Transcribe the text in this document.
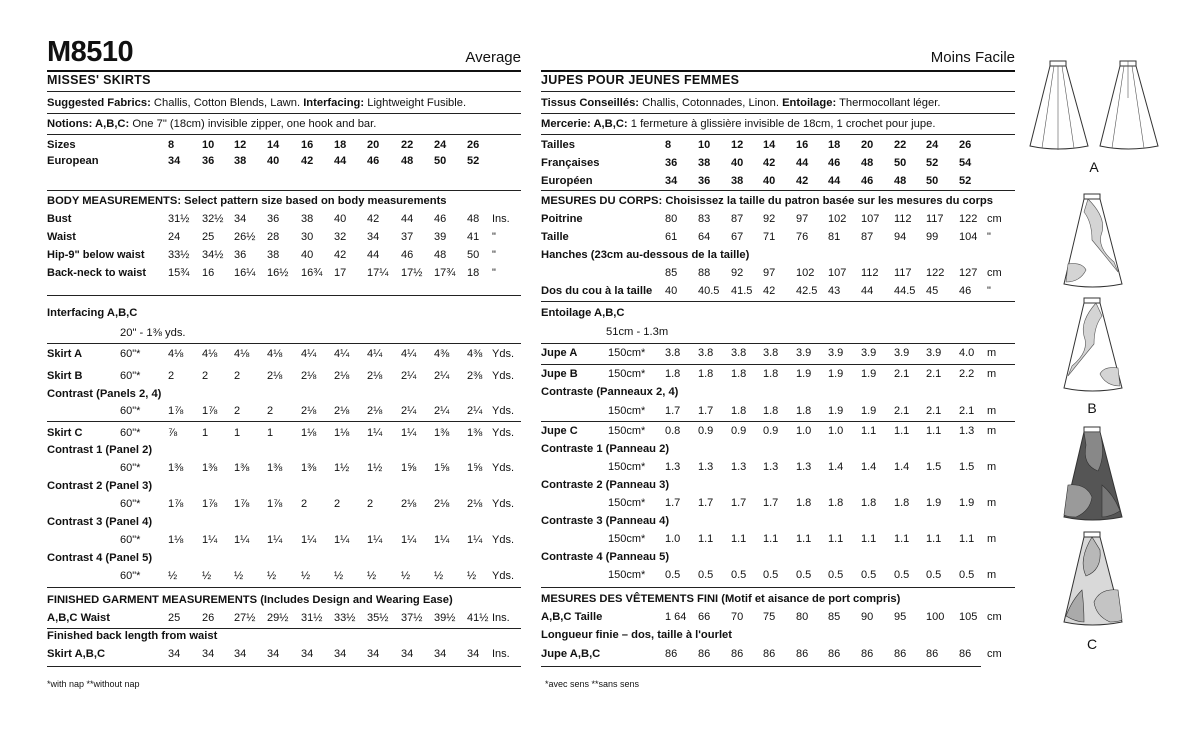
M8510	Average
MISSES' SKIRTS
Suggested Fabrics: Challis, Cotton Blends, Lawn. Interfacing: Lightweight Fusible.
Notions: A,B,C: One 7" (18cm) invisible zipper, one hook and bar.
Sizes	8	10 12 14 16 18 20 22 24 26
European	34 36 38 40 42 44 46 48 50 52
BODY MEASUREMENTS: Select pattern size based on body measurements
Bust	31½ 32½ 34 36 38 40 42 44 46 48 Ins.
Waist	24 25 26½ 28 30 32 34 37 39 41 "
Hip-9" below waist 33½ 34½ 36 38 40 42 44 46 48 50 "
Back-neck to waist 15¾ 16 16¼ 16½ 16¾ 17 17¼ 17½ 17¾ 18 "
Interfacing A,B,C
20" - 1⅜ yds.
Skirt A	60"*	4⅛ 4⅛ 4⅛ 4⅛ 4¼ 4¼ 4¼ 4¼ 4⅜ 4⅜ Yds.
Skirt B	60"*	2	2 2 2⅛ 2⅛ 2⅛ 2⅛ 2¼ 2¼ 2⅜ Yds.
Contrast (Panels 2, 4)
60"*	1⅞ 1⅞ 2 2	2⅛ 2⅛ 2⅛ 2¼ 2¼ 2¼ Yds.
Skirt C	60"*	⅞ 1 1 1	1⅛ 1⅛ 1¼ 1¼ 1⅜ 1⅜ Yds.
Contrast 1 (Panel 2)
60"*	1⅜ 1⅜ 1⅜ 1⅜ 1⅜ 1½ 1½ 1⅝ 1⅝ 1⅝ Yds.
Contrast 2 (Panel 3)
60"*	1⅞ 1⅞ 1⅞ 1⅞ 2 2 2	2⅛ 2⅛ 2⅛ Yds.
Contrast 3 (Panel 4)
60"*	1⅛ 1¼ 1¼ 1¼ 1¼ 1¼ 1¼ 1¼ 1¼ 1¼ Yds.
Contrast 4 (Panel 5)
60"*	½ ½ ½ ½ ½ ½ ½ ½ ½ ½ Yds.
FINISHED GARMENT MEASUREMENTS (Includes Design and Wearing Ease)
A,B,C Waist	25 26 27½ 29½ 31½ 33½ 35½ 37½ 39½ 41½ Ins.
Finished back length from waist
Skirt A,B,C	34 34 34 34 34 34 34 34 34 34 Ins.
*with nap **without nap
Moins Facile
JUPES POUR JEUNES FEMMES
Tissus Conseillés: Challis, Cotonnades, Linon. Entoilage: Thermocollant léger.
Mercerie: A,B,C: 1 fermeture à glissière invisible de 18cm, 1 crochet pour jupe.
Tailles	8 10 12 14 16 18 20 22 24 26
Françaises	36 38 40 42 44 46 48 50 52 54
Européen	34 36 38 40 42 44 46 48 50 52
MESURES DU CORPS: Choisissez la taille du patron basée sur les mesures du corps
Poitrine	80 83 87 92 97 102 107 112 117 122 cm
Taille	61 64 67 71 76 81 87 94 99 104 "
Hanches (23cm au-dessous de la taille)
85 88 92 97 102 107 112 117 122 127 cm
Dos du cou à la taille 40 40.5 41.5 42 42.5 43 44 44.5 45 46 "
Entoilage A,B,C
51cm - 1.3m
Jupe A	150cm* 3.8 3.8 3.8 3.8 3.9 3.9 3.9 3.9 3.9 4.0 m
Jupe B	150cm* 1.8 1.8 1.8 1.8 1.9 1.9 1.9 2.1 2.1 2.2 m
Contraste (Panneaux 2, 4)
150cm* 1.7 1.7 1.8 1.8 1.8 1.9 1.9 2.1 2.1 2.1 m
Jupe C	150cm* 0.8 0.9 0.9 0.9 1.0 1.0 1.1 1.1 1.1 1.3 m
Contraste 1 (Panneau 2)
150cm* 1.3 1.3 1.3 1.3 1.3 1.4 1.4 1.4 1.5 1.5 m
Contraste 2 (Panneau 3)
150cm* 1.7 1.7 1.7 1.7 1.8 1.8 1.8 1.8 1.9 1.9 m
Contraste 3 (Panneau 4)
150cm* 1.0 1.1 1.1 1.1 1.1 1.1 1.1 1.1 1.1 1.1 m
Contraste 4 (Panneau 5)
150cm* 0.5 0.5 0.5 0.5 0.5 0.5 0.5 0.5 0.5 0.5 m
MESURES DES VÊTEMENTS FINI (Motif et aisance de port compris)
A,B,C Taille	1 64 66 70 75 80 85 90 95 100 105 cm
Longueur finie – dos, taille à l'ourlet
Jupe A,B,C	86 86 86 86 86 86 86 86 86 86 cm
*avec sens **sans sens
A
B
C
